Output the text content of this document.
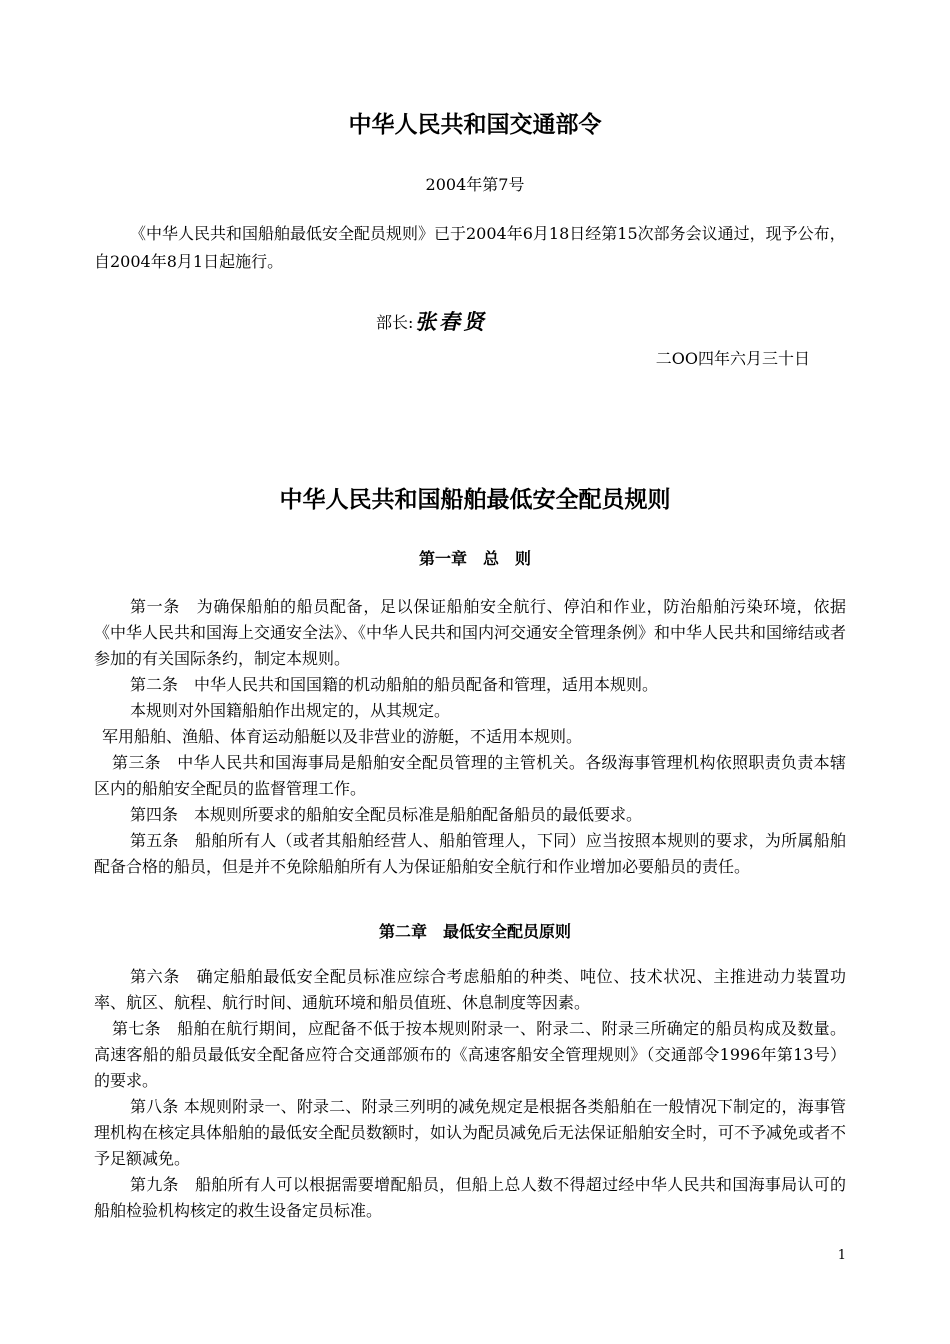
中华人民共和国交通部令
2004年第7号

《中华人民共和国船舶最低安全配员规则》已于2004年6月18日经第15次部务会议通过，现予公布，自2004年8月1日起施行。

部长: 张春贤
二OO四年六月三十日
中华人民共和国船舶最低安全配员规则
第一章　总　则

第一条　为确保船舶的船员配备，足以保证船舶安全航行、停泊和作业，防治船舶污染环境，依据《中华人民共和国海上交通安全法》、《中华人民共和国内河交通安全管理条例》和中华人民共和国缔结或者参加的有关国际条约，制定本规则。

第二条　中华人民共和国国籍的机动船舶的船员配备和管理，适用本规则。

本规则对外国籍船舶作出规定的，从其规定。

军用船舶、渔船、体育运动船艇以及非营业的游艇，不适用本规则。

第三条　中华人民共和国海事局是船舶安全配员管理的主管机关。各级海事管理机构依照职责负责本辖区内的船舶安全配员的监督管理工作。

第四条　本规则所要求的船舶安全配员标准是船舶配备船员的最低要求。

第五条　船舶所有人（或者其船舶经营人、船舶管理人，下同）应当按照本规则的要求，为所属船舶配备合格的船员，但是并不免除船舶所有人为保证船舶安全航行和作业增加必要船员的责任。

第二章　最低安全配员原则

第六条　确定船舶最低安全配员标准应综合考虑船舶的种类、吨位、技术状况、主推进动力装置功率、航区、航程、航行时间、通航环境和船员值班、休息制度等因素。

第七条　船舶在航行期间，应配备不低于按本规则附录一、附录二、附录三所确定的船员构成及数量。高速客船的船员最低安全配备应符合交通部颁布的《高速客船安全管理规则》（交通部令1996年第13号）的要求。

第八条 本规则附录一、附录二、附录三列明的减免规定是根据各类船舶在一般情况下制定的，海事管理机构在核定具体船舶的最低安全配员数额时，如认为配员减免后无法保证船舶安全时，可不予减免或者不予足额减免。

第九条　船舶所有人可以根据需要增配船员，但船上总人数不得超过经中华人民共和国海事局认可的船舶检验机构核定的救生设备定员标准。

1
